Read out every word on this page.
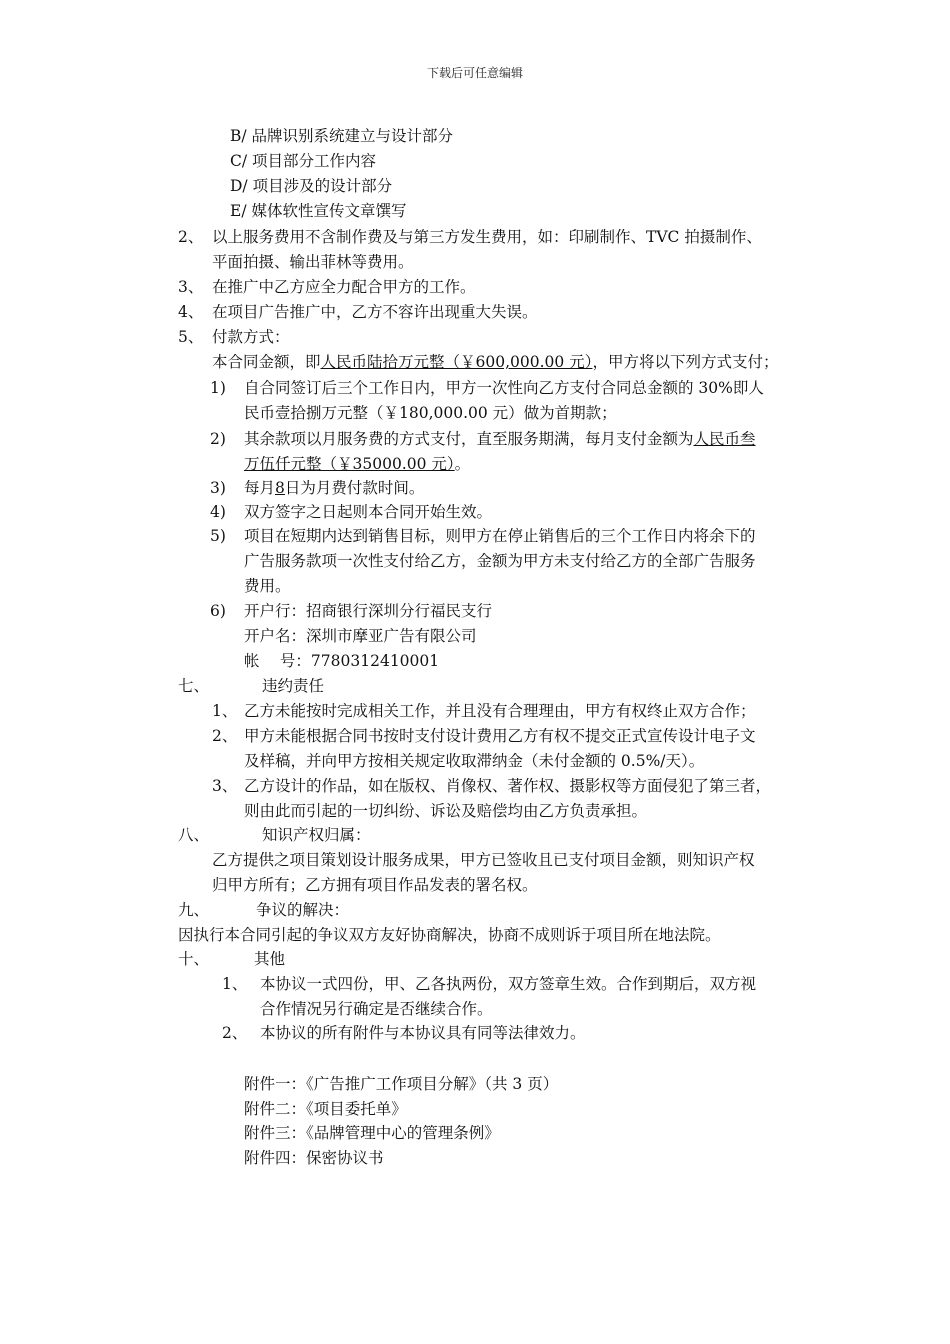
下载后可任意编辑
B/ 品牌识别系统建立与设计部分
C/ 项目部分工作内容
D/ 项目涉及的设计部分
E/ 媒体软性宣传文章馔写
2、 以上服务费用不含制作费及与第三方发生费用，如：印刷制作、TVC 拍摄制作、
平面拍摄、输出菲林等费用。
3、 在推广中乙方应全力配合甲方的工作。
4、 在项目广告推广中，乙方不容许出现重大失误。
5、 付款方式：
本合同金额，即人民币陆拾万元整（￥600,000.00 元），甲方将以下列方式支付；
1) 自合同签订后三个工作日内，甲方一次性向乙方支付合同总金额的 30%即人
民币壹拾捌万元整（￥180,000.00 元）做为首期款；
2) 其余款项以月服务费的方式支付，直至服务期满，每月支付金额为人民币叁
万伍仟元整（￥35000.00 元）。
3) 每月8日为月费付款时间。
4) 双方签字之日起则本合同开始生效。
5) 项目在短期内达到销售目标，则甲方在停止销售后的三个工作日内将余下的
广告服务款项一次性支付给乙方，金额为甲方未支付给乙方的全部广告服务
费用。
6) 开户行：招商银行深圳分行福民支行
开户名：深圳市摩亚广告有限公司
帐　 号：7780312410001
七、	违约责任
1、 乙方未能按时完成相关工作，并且没有合理理由，甲方有权终止双方合作；
2、 甲方未能根据合同书按时支付设计费用乙方有权不提交正式宣传设计电子文
及样稿，并向甲方按相关规定收取滞纳金（未付金额的 0.5%/天）。
3、 乙方设计的作品，如在版权、肖像权、著作权、摄影权等方面侵犯了第三者，
则由此而引起的一切纠纷、诉讼及赔偿均由乙方负责承担。
八、	知识产权归属：
乙方提供之项目策划设计服务成果，甲方已签收且已支付项目金额，则知识产权
归甲方所有；乙方拥有项目作品发表的署名权。
九、	争议的解决：
因执行本合同引起的争议双方友好协商解决，协商不成则诉于项目所在地法院。
十、	其他
1、 本协议一式四份，甲、乙各执两份，双方签章生效。合作到期后，双方视
合作情况另行确定是否继续合作。
2、 本协议的所有附件与本协议具有同等法律效力。
附件一：《广告推广工作项目分解》（共 3 页）
附件二：《项目委托单》
附件三：《品牌管理中心的管理条例》
附件四：保密协议书
